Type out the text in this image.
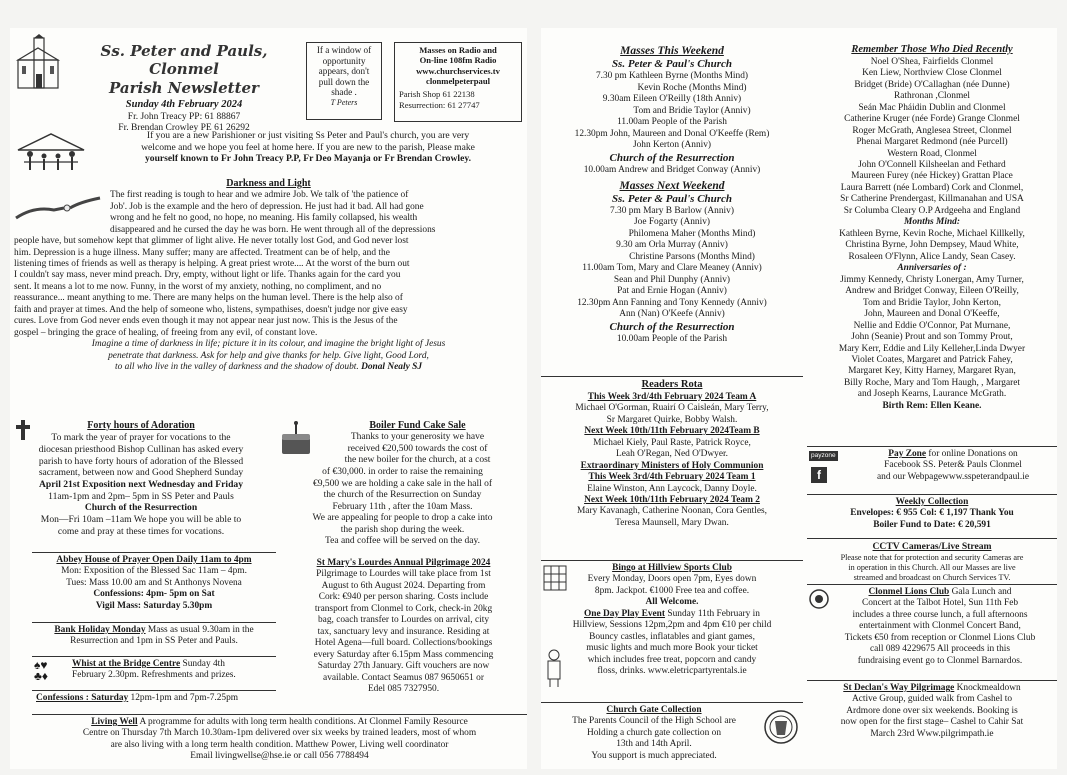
Ss. Peter and Pauls, Clonmel
Parish Newsletter
Sunday 4th February 2024
Fr. John Treacy PP: 61 88867
Fr. Brendan Crowley PE 61 26292
If a window of
opportunity
appears, don't
pull down the
shade .
T Peters
Masses on Radio and
On-line 108fm Radio
www.churchservices.tv
clonmelpeterpaul
Parish Shop 61 22138
Resurrection: 61 27747
If you are a new Parishioner or just visiting Ss Peter and Paul's church, you are very
welcome and we hope you feel at home here. If you are new to the parish, Please make
yourself known to Fr John Treacy P.P, Fr Deo Mayanja or Fr Brendan Crowley.
Darkness and Light
The first reading is tough to hear and we admire Job. We talk of 'the patience of
Job'. Job is the example and the hero of depression. He just had it bad. All had gone
wrong and he felt no good, no hope, no meaning. His family collapsed, his wealth
disappeared and he cursed the day he was born. He went through all of the depressions
people have, but somehow kept that glimmer of light alive. He never totally lost God, and God never lost
him. Depression is a huge illness. Many suffer; many are affected. Treatment can be of help, and the
listening times of friends as well as therapy is helping. A great priest wrote.... At the worst of the burn out
I couldn't say mass, never mind preach. Dry, empty, without light or life. Thanks again for the card you
sent. It means a lot to me now. Funny, in the worst of my anxiety, nothing, no compliment, and no
reassurance... meant anything to me. There are many helps on the human level. There is the help also of
faith and prayer at times. And the help of someone who, listens, sympathises, doesn't judge nor give easy
cures. Love from God never ends even though it may not appear near just now. This is the Jesus of the
gospel – bringing the grace of healing, of freeing from any evil, of constant love.
Imagine a time of darkness in life; picture it in its colour, and imagine the bright light of Jesus
penetrate that darkness. Ask for help and give thanks for help. Give light, Good Lord,
to all who live in the valley of darkness and the shadow of doubt. Donal Nealy SJ
Forty hours of Adoration
To mark the year of prayer for vocations to the
diocesan priesthood Bishop Cullinan has asked every
parish to have forty hours of adoration of the Blessed
sacrament, between now and Good Shepherd Sunday
April 21st Exposition next Wednesday and Friday
11am-1pm and 2pm– 5pm in SS Peter and Pauls
Church of the Resurrection
Mon—Fri 10am –11am We hope you will be able to
come and pray at these times for vocations.
Boiler Fund Cake Sale
Thanks to your generosity we have
received €20,500 towards the cost of
the new boiler for the church, at a cost
of €30,000. in order to raise the remaining
€9,500 we are holding a cake sale in the hall of
the church of the Resurrection on Sunday
February 11th , after the 10am Mass.
We are appealing for people to drop a cake into
the parish shop during the week.
Tea and coffee will be served on the day.
Abbey House of Prayer Open Daily 11am to 4pm
Mon: Exposition of the Blessed Sac 11am – 4pm.
Tues: Mass 10.00 am and St Anthonys Novena
Confessions: 4pm- 5pm on Sat
Vigil Mass: Saturday 5.30pm
Bank Holiday Monday Mass as usual 9.30am in the
Resurrection and 1pm in SS Peter and Pauls.
♠♥
♣♦
Whist at the Bridge Centre Sunday 4th
February 2.30pm. Refreshments and prizes.
Confessions : Saturday 12pm-1pm and 7pm-7.25pm
St Mary's Lourdes Annual Pilgrimage 2024
Pilgrimage to Lourdes will take place from 1st
August to 6th August 2024. Departing from
Cork: €940 per person sharing. Costs include
transport from Clonmel to Cork, check-in 20kg
bag, coach transfer to Lourdes on arrival, city
tax, sanctuary levy and insurance. Residing at
Hotel Agena—full board. Collections/bookings
every Saturday after 6.15pm Mass commencing
Saturday 27th January. Gift vouchers are now
available. Contact Seamus 087 9650651 or
Edel 085 7327950.
Living Well A programme for adults with long term health conditions. At Clonmel Family Resource
Centre on Thursday 7th March 10.30am-1pm delivered over six weeks by trained leaders, most of whom
are also living with a long term health condition. Matthew Power, Living well coordinator
Email livingwellse@hse.ie or call 056 7788494
Masses This Weekend
Ss. Peter & Paul's Church
7.30 pm Kathleen Byrne (Months Mind)
Kevin Roche (Months Mind)
9.30am Eileen O'Reilly (18th Anniv)
Tom and Bridie Taylor (Anniv)
11.00am People of the Parish
12.30pm John, Maureen and Donal O'Keeffe (Rem)
John Kerton (Anniv)
Church of the Resurrection
10.00am Andrew and Bridget Conway (Anniv)
Masses Next Weekend
Ss. Peter & Paul's Church
7.30 pm Mary B Barlow (Anniv)
Joe Fogarty (Anniv)
Philomena Maher (Months Mind)
9.30 am Orla Murray (Anniv)
Christine Parsons (Months Mind)
11.00am Tom, Mary and Clare Meaney (Anniv)
Sean and Phil Dunphy (Anniv)
Pat and Ernie Hogan (Anniv)
12.30pm Ann Fanning and Tony Kennedy (Anniv)
Ann (Nan) O'Keefe (Anniv)
Church of the Resurrection
10.00am People of the Parish
Remember Those Who Died Recently
Noel O'Shea, Fairfields Clonmel
Ken Liew, Northview Close Clonmel
Bridget (Bride) O'Callaghan (née Dunne)
Rathronan ,Clonmel
Seán Mac Pháidin Dublin and Clonmel
Catherine Kruger (née Forde) Grange Clonmel
Roger McGrath, Anglesea Street, Clonmel
Phenai Margaret Redmond (née Purcell)
Western Road, Clonmel
John O'Connell Kilsheelan and Fethard
Maureen Furey (née Hickey) Grattan Place
Laura Barrett (née Lombard) Cork and Clonmel,
Sr Catherine Prendergast, Killmanahan and USA
Sr Columba Cleary O.P Ardgeeha and England
Months Mind:
Kathleen Byrne, Kevin Roche, Michael Killkelly,
Christina Byrne, John Dempsey, Maud White,
Rosaleen O'Flynn, Alice Landy, Sean Casey.
Anniversaries of :
Jimmy Kennedy, Christy Lonergan, Amy Turner,
Andrew and Bridget Conway, Eileen O'Reilly,
Tom and Bridie Taylor, John Kerton,
John, Maureen and Donal O'Keeffe,
Nellie and Eddie O'Connor, Pat Murnane,
John (Seanie) Prout and son Tommy Prout,
Mary Kerr, Eddie and Lily Kelleher,Linda Dwyer
Violet Coates, Margaret and Patrick Fahey,
Margaret Key, Kitty Harney, Margaret Ryan,
Billy Roche, Mary and Tom Haugh, , Margaret
and Joseph Kearns, Laurance McGrath.
Birth Rem: Ellen Keane.
Readers Rota
This Week 3rd/4th February 2024 Team A
Michael O'Gorman, Ruairí O Caisleán, Mary Terry,
Sr Margaret Quirke, Bobby Walsh.
Next Week 10th/11th February 2024Team B
Michael Kiely, Paul Raste, Patrick Royce,
Leah O'Regan, Ned O'Dwyer.
Extraordinary Ministers of Holy Communion
This Week 3rd/4th February 2024 Team 1
Elaine Winston, Ann Laycock, Danny Doyle.
Next Week 10th/11th February 2024 Team 2
Mary Kavanagh, Catherine Noonan, Cora Gentles,
Teresa Maunsell, Mary Dwan.
Bingo at Hillview Sports Club
Every Monday, Doors open 7pm, Eyes down
8pm. Jackpot. €1000 Free tea and coffee.
All Welcome.
One Day Play Event Sunday 11th February in
Hillview, Sessions 12pm,2pm and 4pm €10 per child
Bouncy castles, inflatables and giant games,
music lights and much more Book your ticket
which includes free treat, popcorn and candy
floss, drinks. www.eletricpartyrentals.ie
Church Gate Collection
The Parents Council of the High School are
Holding a church gate collection on
13th and 14th April.
You support is much appreciated.
payzone
f
Pay Zone for online Donations on
Facebook SS. Peter& Pauls Clonmel
and our Webpagewww.sspeterandpaul.ie
Weekly Collection
Envelopes: € 955 Col: € 1,197 Thank You
Boiler Fund to Date: € 20,591
CCTV Cameras/Live Stream
Please note that for protection and security Cameras are
in operation in this Church. All our Masses are live
streamed and broadcast on Church Services TV.
Clonmel Lions Club Gala Lunch and
Concert at the Talbot Hotel, Sun 11th Feb
includes a three course lunch, a full afternoons
entertainment with Clonmel Concert Band,
Tickets €50 from reception or Clonmel Lions Club
call 089 4229675 All proceeds in this
fundraising event go to Clonmel Barnardos.
St Declan's Way Pilgrimage Knockmealdown
Active Group, guided walk from Cashel to
Ardmore done over six weekends. Booking is
now open for the first stage– Cashel to Cahir Sat
March 23rd Www.pilgrimpath.ie
